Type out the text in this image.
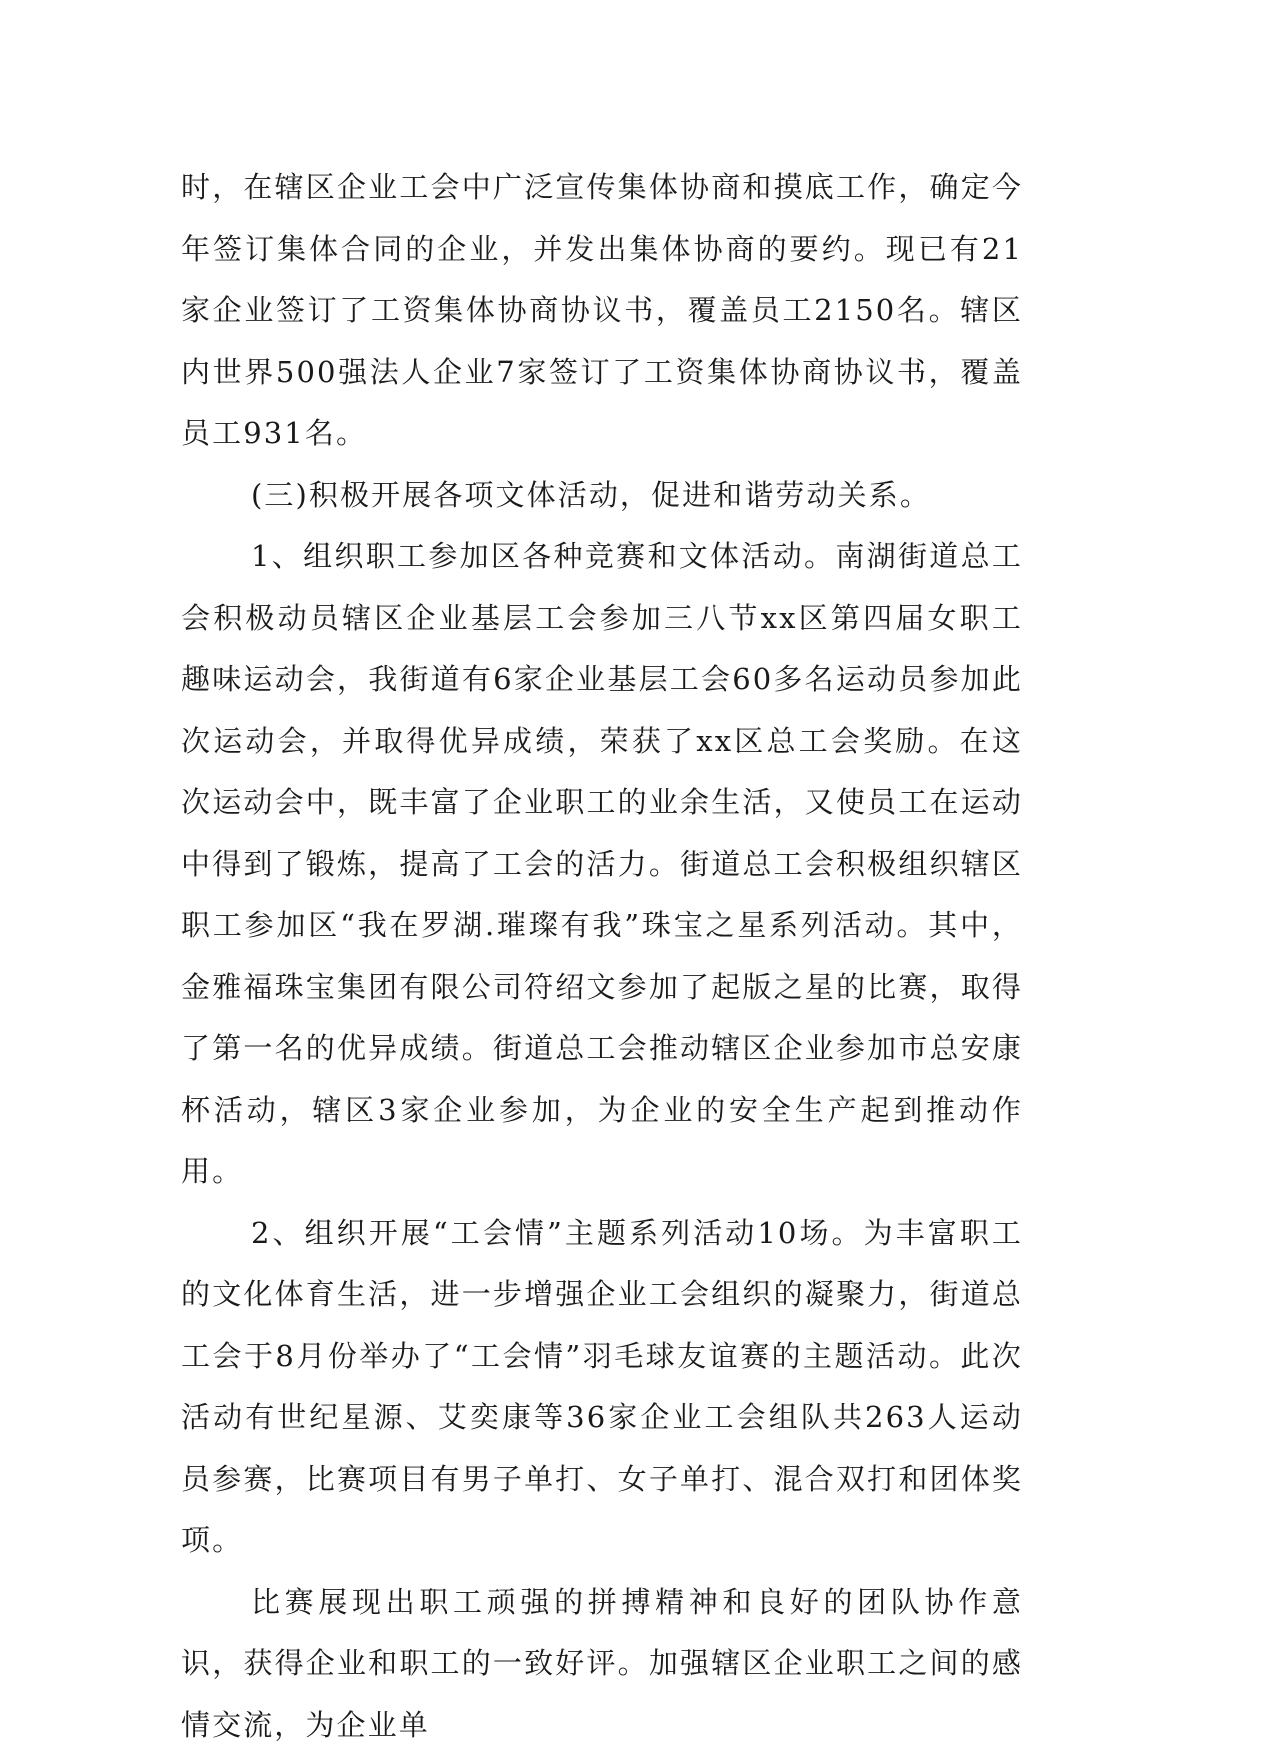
时，在辖区企业工会中广泛宣传集体协商和摸底工作，确定今年签订集体合同的企业，并发出集体协商的要约。现已有21家企业签订了工资集体协商协议书，覆盖员工2150名。辖区内世界500强法人企业7家签订了工资集体协商协议书，覆盖员工931名。

(三)积极开展各项文体活动，促进和谐劳动关系。

1、组织职工参加区各种竞赛和文体活动。南湖街道总工会积极动员辖区企业基层工会参加三八节xx区第四届女职工趣味运动会，我街道有6家企业基层工会60多名运动员参加此次运动会，并取得优异成绩，荣获了xx区总工会奖励。在这次运动会中，既丰富了企业职工的业余生活，又使员工在运动中得到了锻炼，提高了工会的活力。街道总工会积极组织辖区职工参加区“我在罗湖.璀璨有我”珠宝之星系列活动。其中，金雅福珠宝集团有限公司符绍文参加了起版之星的比赛，取得了第一名的优异成绩。街道总工会推动辖区企业参加市总安康杯活动，辖区3家企业参加，为企业的安全生产起到推动作用。

2、组织开展“工会情”主题系列活动10场。为丰富职工的文化体育生活，进一步增强企业工会组织的凝聚力，街道总工会于8月份举办了“工会情”羽毛球友谊赛的主题活动。此次活动有世纪星源、艾奕康等36家企业工会组队共263人运动员参赛，比赛项目有男子单打、女子单打、混合双打和团体奖项。

比赛展现出职工顽强的拼搏精神和良好的团队协作意识，获得企业和职工的一致好评。加强辖区企业职工之间的感情交流，为企业单
